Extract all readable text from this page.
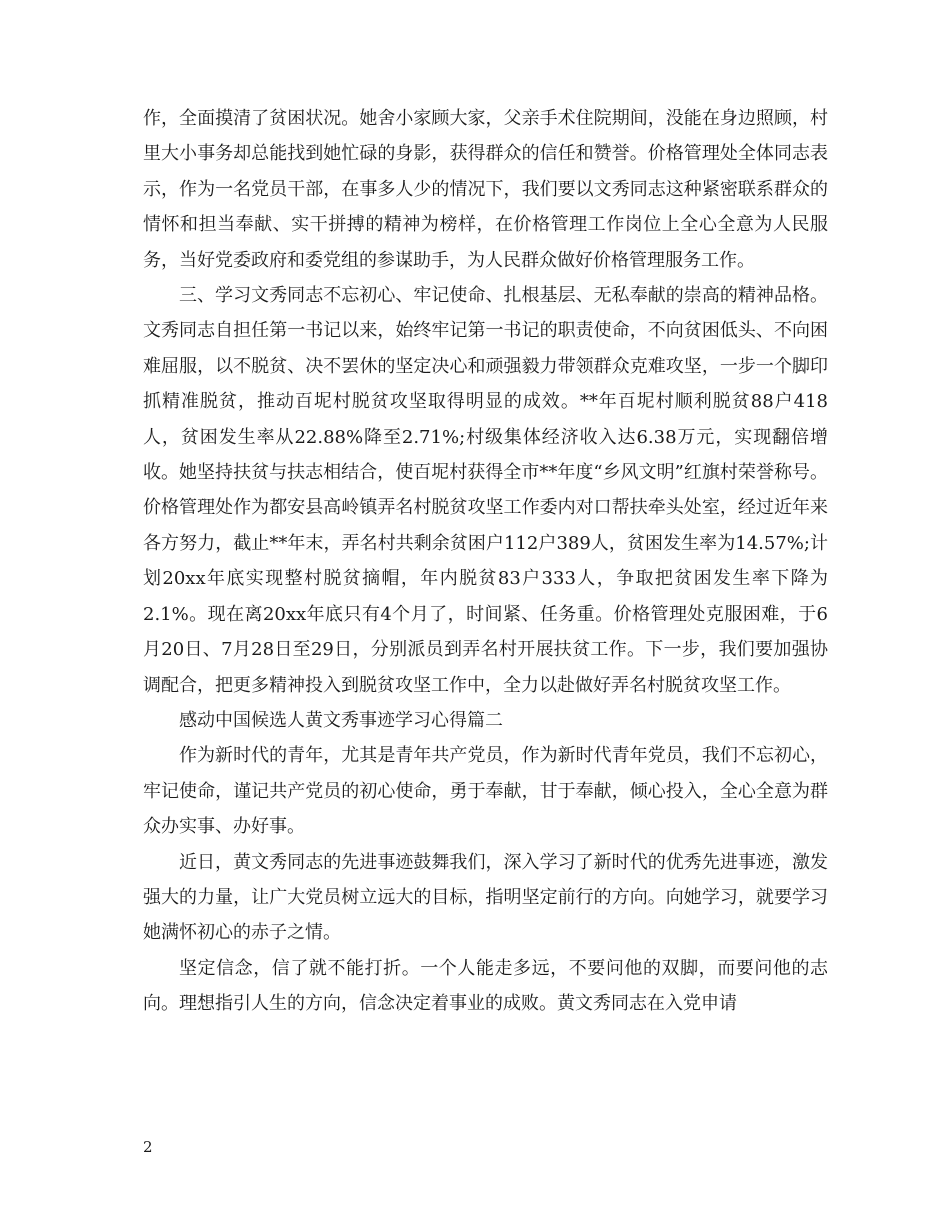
作，全面摸清了贫困状况。她舍小家顾大家，父亲手术住院期间，没能在身边照顾，村里大小事务却总能找到她忙碌的身影，获得群众的信任和赞誉。价格管理处全体同志表示，作为一名党员干部，在事多人少的情况下，我们要以文秀同志这种紧密联系群众的情怀和担当奉献、实干拼搏的精神为榜样，在价格管理工作岗位上全心全意为人民服务，当好党委政府和委党组的参谋助手，为人民群众做好价格管理服务工作。

三、学习文秀同志不忘初心、牢记使命、扎根基层、无私奉献的崇高的精神品格。文秀同志自担任第一书记以来，始终牢记第一书记的职责使命，不向贫困低头、不向困难屈服，以不脱贫、决不罢休的坚定决心和顽强毅力带领群众克难攻坚，一步一个脚印抓精准脱贫，推动百坭村脱贫攻坚取得明显的成效。**年百坭村顺利脱贫88户418人，贫困发生率从22.88%降至2.71%;村级集体经济收入达6.38万元，实现翻倍增收。她坚持扶贫与扶志相结合，使百坭村获得全市**年度“乡风文明”红旗村荣誉称号。价格管理处作为都安县高岭镇弄名村脱贫攻坚工作委内对口帮扶牵头处室，经过近年来各方努力，截止**年末，弄名村共剩余贫困户112户389人，贫困发生率为14.57%;计划20xx年底实现整村脱贫摘帽，年内脱贫83户333人，争取把贫困发生率下降为2.1%。现在离20xx年底只有4个月了，时间紧、任务重。价格管理处克服困难，于6月20日、7月28日至29日，分别派员到弄名村开展扶贫工作。下一步，我们要加强协调配合，把更多精神投入到脱贫攻坚工作中，全力以赴做好弄名村脱贫攻坚工作。

感动中国候选人黄文秀事迹学习心得篇二

作为新时代的青年，尤其是青年共产党员，作为新时代青年党员，我们不忘初心，牢记使命，谨记共产党员的初心使命，勇于奉献，甘于奉献，倾心投入，全心全意为群众办实事、办好事。

近日，黄文秀同志的先进事迹鼓舞我们，深入学习了新时代的优秀先进事迹，激发强大的力量，让广大党员树立远大的目标，指明坚定前行的方向。向她学习，就要学习她满怀初心的赤子之情。

坚定信念，信了就不能打折。一个人能走多远，不要问他的双脚，而要问他的志向。理想指引人生的方向，信念决定着事业的成败。黄文秀同志在入党申请

2
